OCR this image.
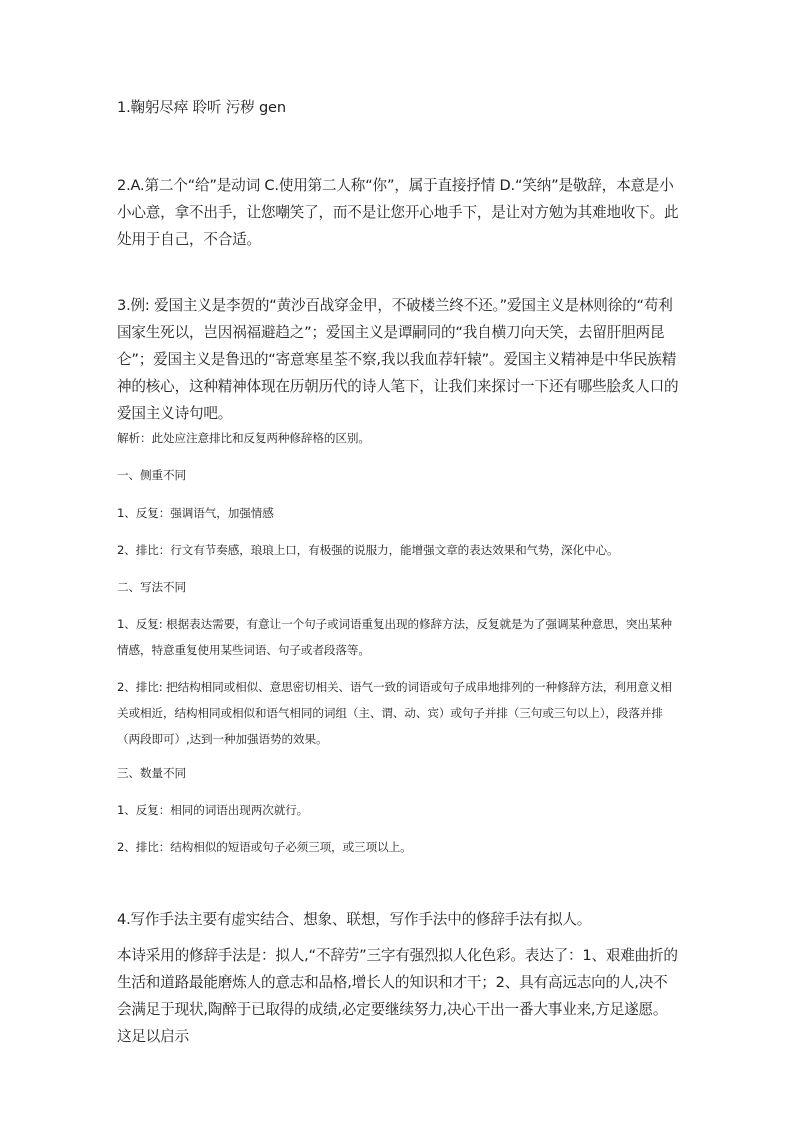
1.鞠躬尽瘁 聆听 污秽 gen

2.A.第二个“给”是动词 C.使用第二人称“你”，属于直接抒情 D.“笑纳”是敬辞，本意是小小心意，拿不出手，让您嘲笑了，而不是让您开心地手下，是让对方勉为其难地收下。此处用于自己，不合适。

3.例: 爱国主义是李贺的“黄沙百战穿金甲，不破楼兰终不还。”爱国主义是林则徐的“苟利国家生死以，岂因祸福避趋之”；爱国主义是谭嗣同的“我自横刀向天笑，去留肝胆两昆仑”；爱国主义是鲁迅的“寄意寒星荃不察,我以我血荐轩辕”。爱国主义精神是中华民族精神的核心，这种精神体现在历朝历代的诗人笔下，让我们来探讨一下还有哪些脍炙人口的爱国主义诗句吧。

解析：此处应注意排比和反复两种修辞格的区别。

一、侧重不同

1、反复：强调语气，加强情感

2、排比：行文有节奏感，琅琅上口，有极强的说服力，能增强文章的表达效果和气势，深化中心。

二、写法不同

1、反复: 根据表达需要，有意让一个句子或词语重复出现的修辞方法，反复就是为了强调某种意思，突出某种情感，特意重复使用某些词语、句子或者段落等。

2、排比: 把结构相同或相似、意思密切相关、语气一致的词语或句子成串地排列的一种修辞方法，利用意义相关或相近，结构相同或相似和语气相同的词组（主、谓、动、宾）或句子并排（三句或三句以上），段落并排（两段即可）,达到一种加强语势的效果。

三、数量不同

1、反复：相同的词语出现两次就行。

2、排比：结构相似的短语或句子必须三项，或三项以上。

4.写作手法主要有虚实结合、想象、联想，写作手法中的修辞手法有拟人。

本诗采用的修辞手法是：拟人,“不辞劳”三字有强烈拟人化色彩。表达了：1、艰难曲折的生活和道路最能磨炼人的意志和品格,增长人的知识和才干；2、具有高远志向的人,决不会满足于现状,陶醉于已取得的成绩,必定要继续努力,决心干出一番大事业来,方足遂愿。这足以启示
